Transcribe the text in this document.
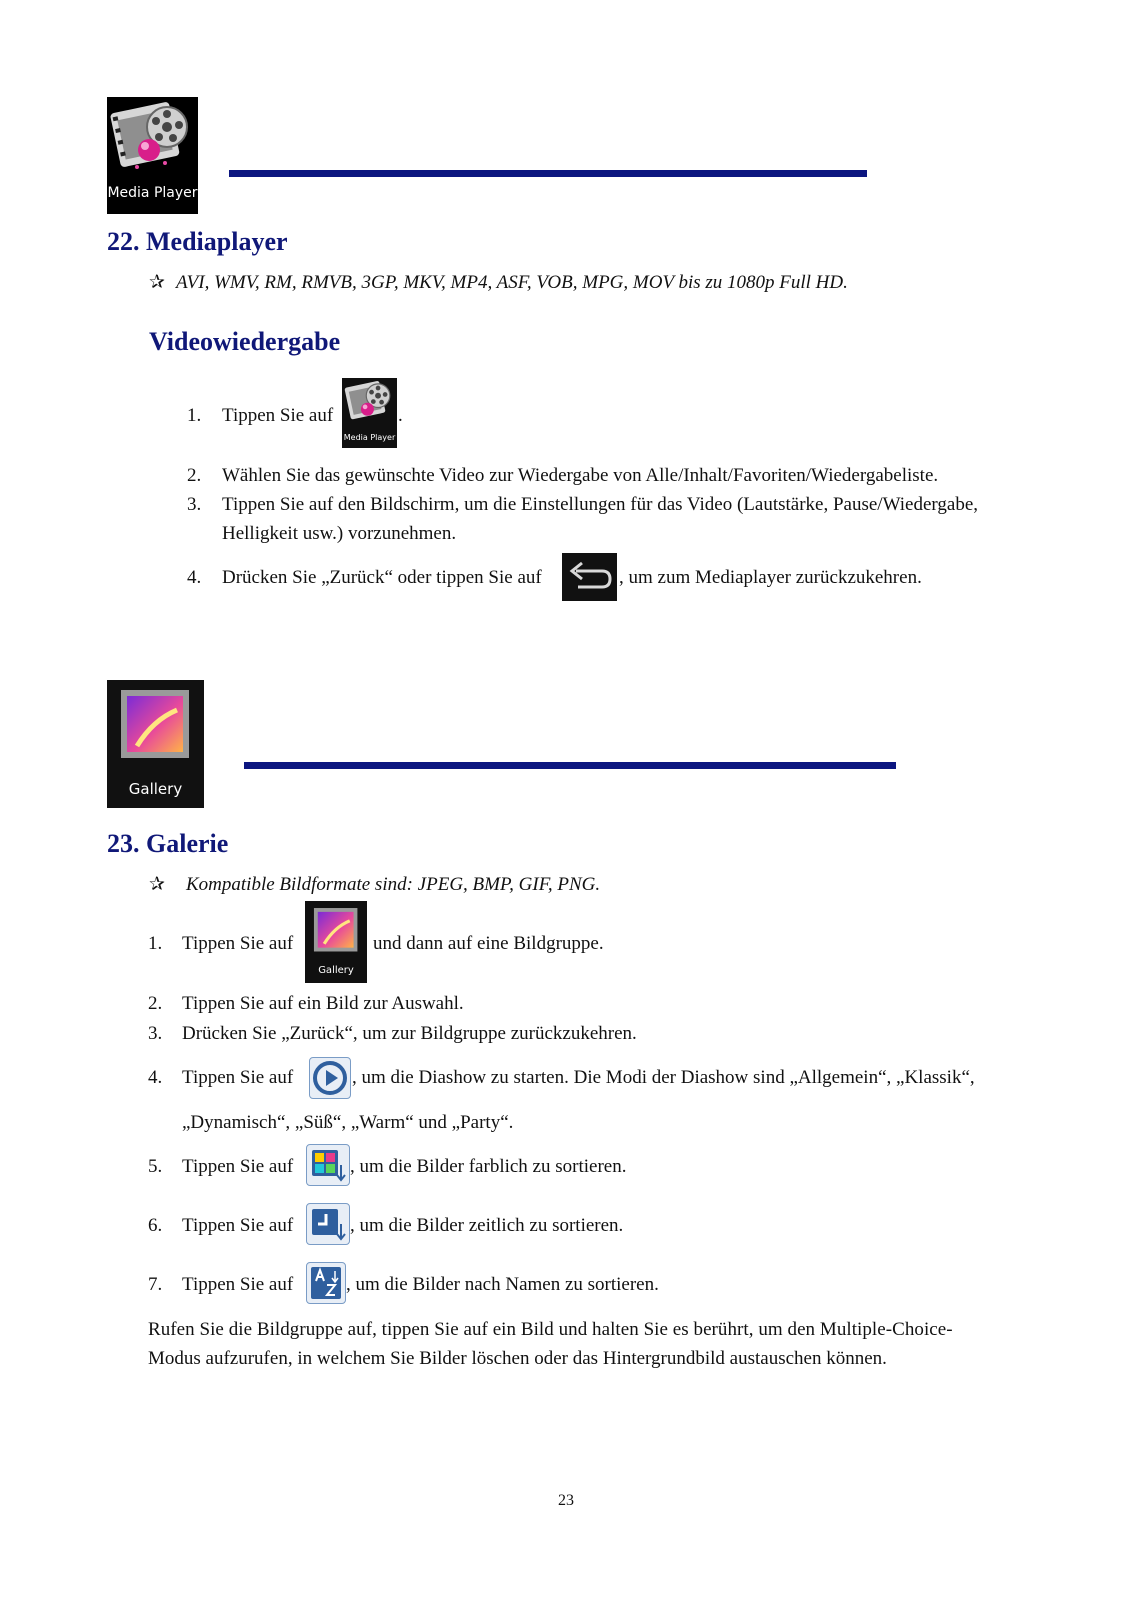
Media Player
22. Mediaplayer
✰ AVI, WMV, RM, RMVB, 3GP, MKV, MP4, ASF, VOB, MPG, MOV bis zu 1080p Full HD.
Videowiedergabe
1. Tippen Sie auf
Media Player
.
2. Wählen Sie das gewünschte Video zur Wiedergabe von Alle/Inhalt/Favoriten/Wiedergabeliste.
3. Tippen Sie auf den Bildschirm, um die Einstellungen für das Video (Lautstärke, Pause/Wiedergabe,
Helligkeit usw.) vorzunehmen.
4. Drücken Sie „Zurück“ oder tippen Sie auf	, um zum Mediaplayer zurückzukehren.
Gallery
23. Galerie
✰ Kompatible Bildformate sind: JPEG, BMP, GIF, PNG.
1. Tippen Sie auf
Gallery
und dann auf eine Bildgruppe.
2. Tippen Sie auf ein Bild zur Auswahl.
3. Drücken Sie „Zurück“, um zur Bildgruppe zurückzukehren.
4. Tippen Sie auf	, um die Diashow zu starten. Die Modi der Diashow sind „Allgemein“, „Klassik“,
„Dynamisch“, „Süß“, „Warm“ und „Party“.
5. Tippen Sie auf	, um die Bilder farblich zu sortieren.
6. Tippen Sie auf	, um die Bilder zeitlich zu sortieren.
7. Tippen Sie auf	, um die Bilder nach Namen zu sortieren.
Rufen Sie die Bildgruppe auf, tippen Sie auf ein Bild und halten Sie es berührt, um den Multiple-Choice-
Modus aufzurufen, in welchem Sie Bilder löschen oder das Hintergrundbild austauschen können.
23
